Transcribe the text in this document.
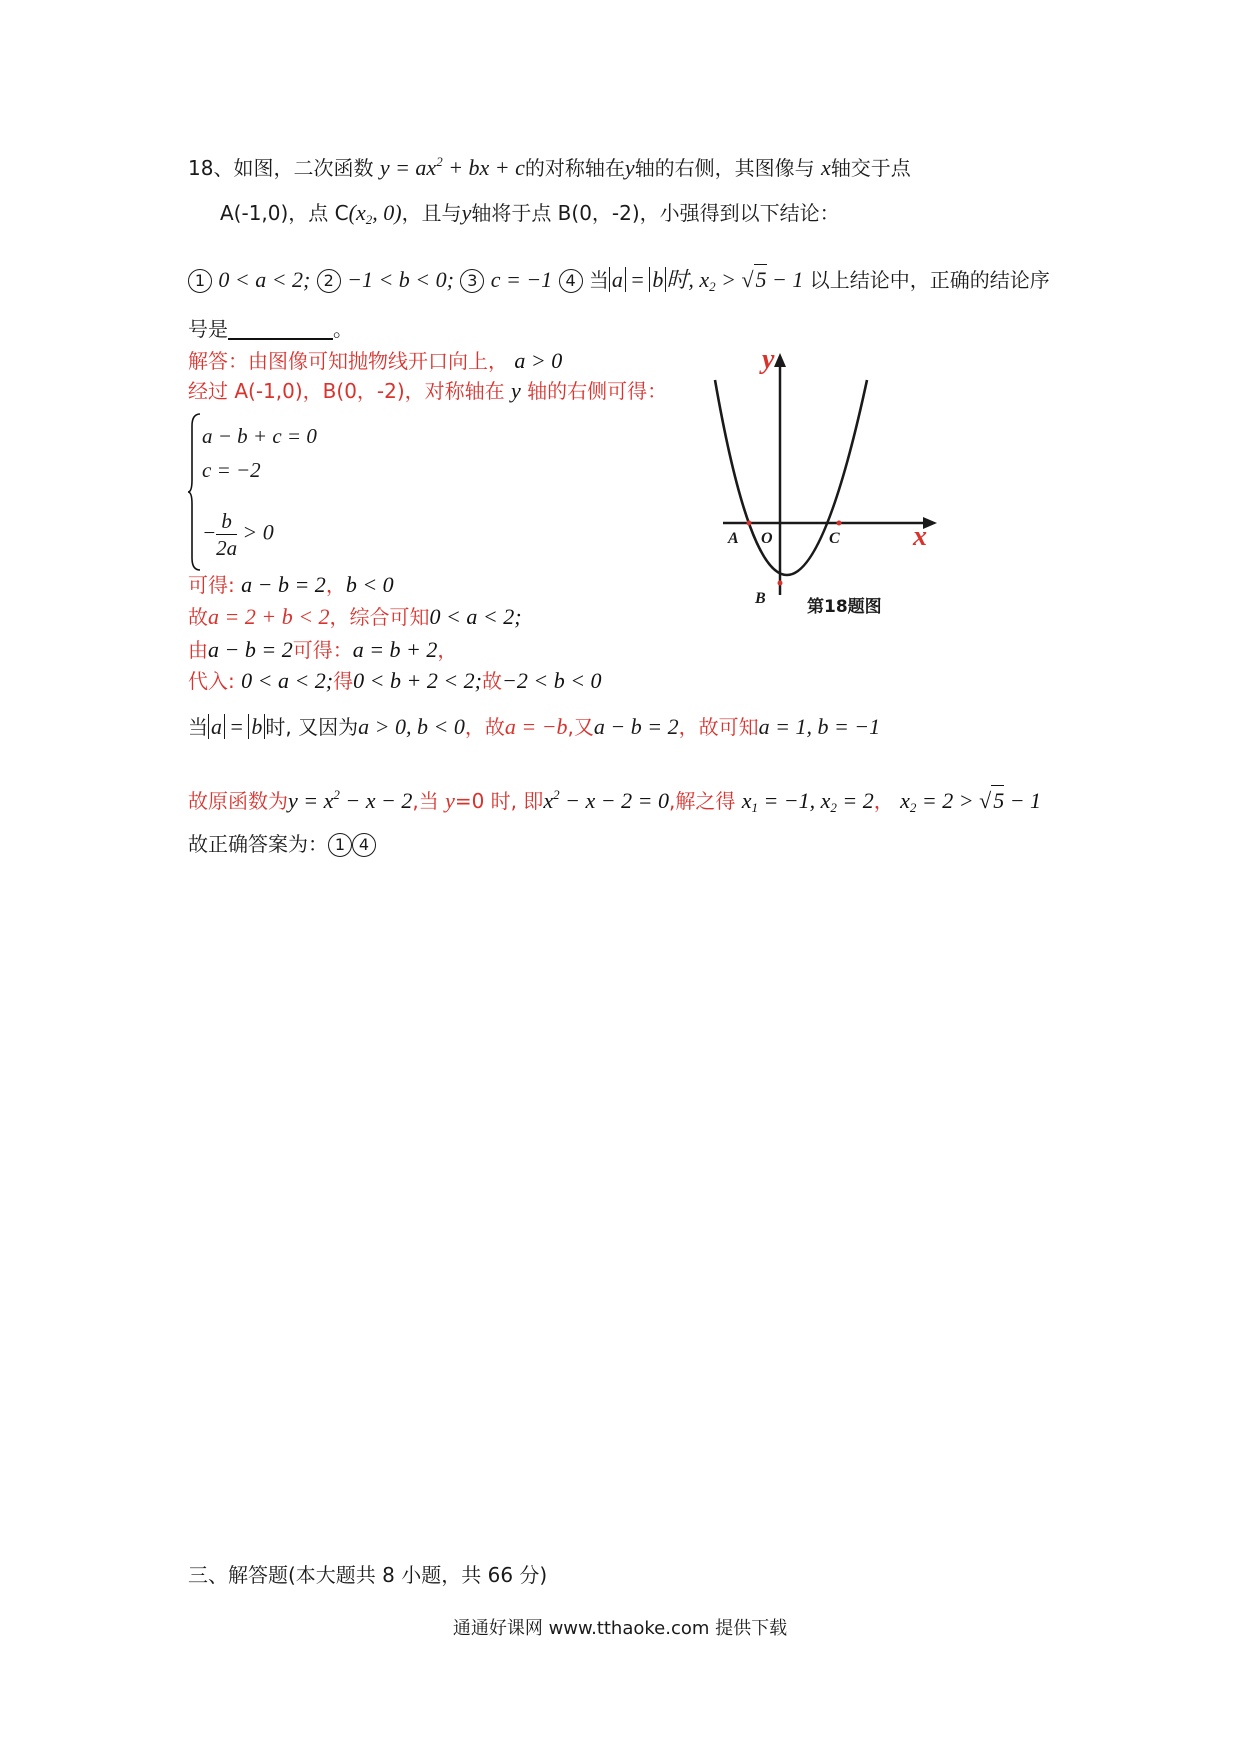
18、如图，二次函数 $y = ax^2$ + bx + c的对称轴在y轴的右侧，其图像与 x轴交于点
A(-1,0)，点 $C(x_2$, 0)，且与y轴将于点 B(0，-2)，小强得到以下结论：
1 0 < a < 2; 2 −1 < b < 0; 3 c = −1 4 当 a = b 时, $x_2 > √5 - 1$ 以上结论中，正确的结论序
号是	。
解答：由图像可知抛物线开口向上， a > 0
经过 A(-1,0)，B(0，-2)，对称轴在 y 轴的右侧可得：
a − b + c = 0
c = −2
− $\frac{b}{2a} > 0$
可得: a − b = 2，b < 0
故a = 2 + b < 2，综合可知0 < a < 2;
由a − b = 2可得：a = b + 2，
代入: 0 < a < 2;得0 < b + 2 < 2;故−2 < b < 0
当 a = b 时, 又因为a > 0, b < 0，故a = −b,又a − b = 2，故可知a = 1, b = −1
故原函数为$y = x^2 - x - 2$,当 y=0 时, 即$x^2 - x - 2 = 0$,解之得 $x_1 = -1$, $x_2 = 2$， $x_2 = 2 > √5 - 1$
故正确答案为： 1 4
y
x
A O	C
B 第18题图
三、解答题(本大题共 8 小题，共 66 分)
通通好课网 www.tthaoke.com 提供下载
